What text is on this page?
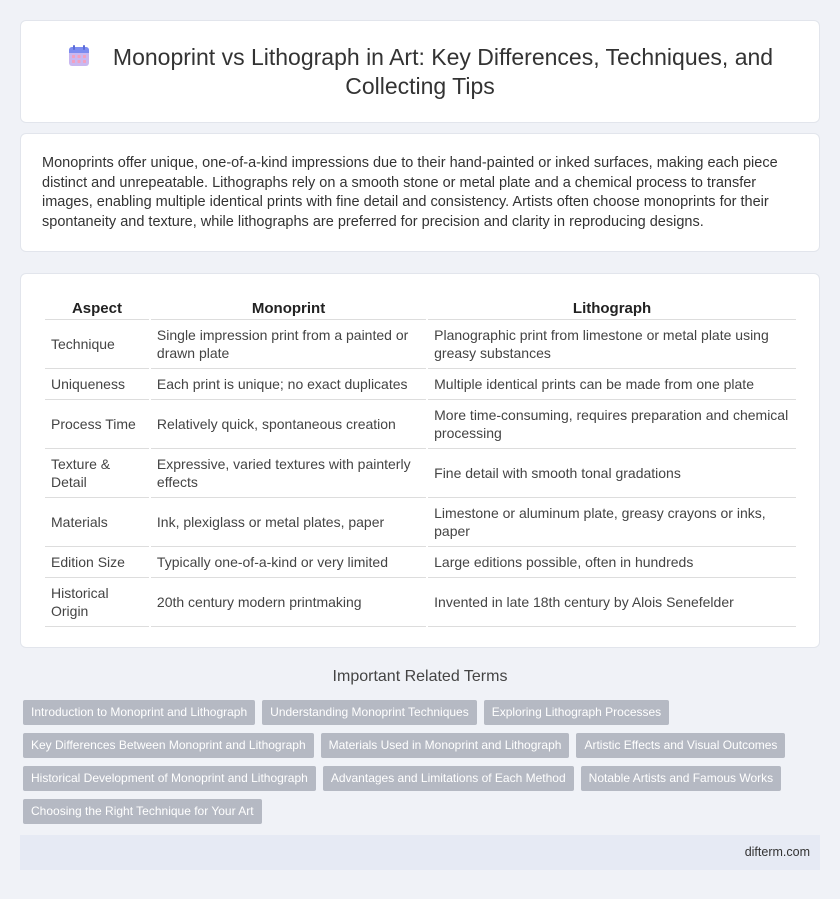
Monoprint vs Lithograph in Art: Key Differences, Techniques, and Collecting Tips

Monoprints offer unique, one-of-a-kind impressions due to their hand-painted or inked surfaces, making each piece distinct and unrepeatable. Lithographs rely on a smooth stone or metal plate and a chemical process to transfer images, enabling multiple identical prints with fine detail and consistency. Artists often choose monoprints for their spontaneity and texture, while lithographs are preferred for precision and clarity in reproducing designs.

Aspect	Monoprint	Lithograph
Technique	Single impression print from a painted or drawn plate	Planographic print from limestone or metal plate using greasy substances
Uniqueness	Each print is unique; no exact duplicates	Multiple identical prints can be made from one plate
Process Time	Relatively quick, spontaneous creation	More time-consuming, requires preparation and chemical processing
Texture & Detail	Expressive, varied textures with painterly effects	Fine detail with smooth tonal gradations
Materials	Ink, plexiglass or metal plates, paper	Limestone or aluminum plate, greasy crayons or inks, paper
Edition Size	Typically one-of-a-kind or very limited	Large editions possible, often in hundreds
Historical Origin	20th century modern printmaking	Invented in late 18th century by Alois Senefelder
Important Related Terms
Introduction to Monoprint and Lithograph	Understanding Monoprint Techniques	Exploring Lithograph Processes
Key Differences Between Monoprint and Lithograph	Materials Used in Monoprint and Lithograph	Artistic Effects and Visual Outcomes
Historical Development of Monoprint and Lithograph	Advantages and Limitations of Each Method	Notable Artists and Famous Works
Choosing the Right Technique for Your Art
difterm.com
